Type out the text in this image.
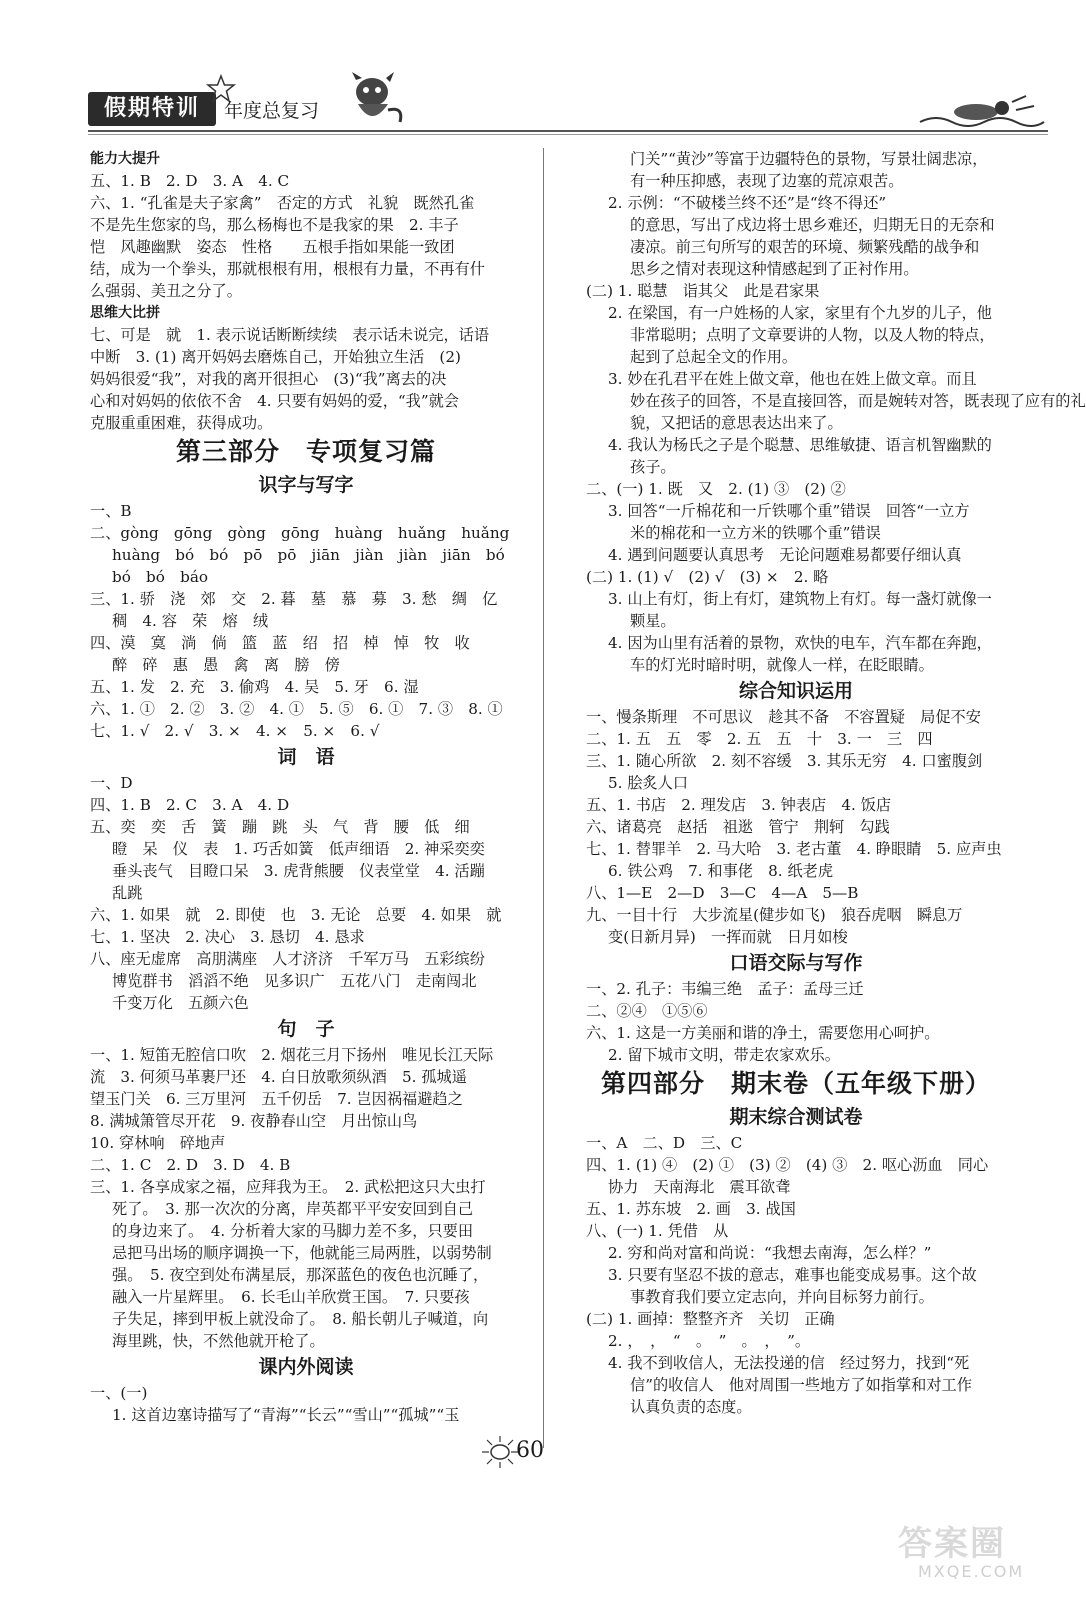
假期特训	年度总复习
能力大提升
五、1. B　2. D　3. A　4. C
六、1. “孔雀是夫子家禽”　否定的方式　礼貌　既然孔雀
不是先生您家的鸟，那么杨梅也不是我家的果　2. 丰子
恺　风趣幽默　姿态　性格　　五根手指如果能一致团
结，成为一个拳头，那就根根有用，根根有力量，不再有什
么强弱、美丑之分了。
思维大比拼
七、可是　就　1. 表示说话断断续续　表示话未说完，话语
中断　3. (1) 离开妈妈去磨炼自己，开始独立生活　(2)
妈妈很爱“我”，对我的离开很担心　(3)“我”离去的决
心和对妈妈的依依不舍　4. 只要有妈妈的爱，“我”就会
克服重重困难，获得成功。
第三部分　专项复习篇
识字与写字
一、B
二、gòng　gōng　gòng　gōng　huàng　huǎng　huǎng
huàng　bó　bó　pō　pō　jiān　jiàn　jiàn　jiān　bó
bó　bó　báo
三、1. 骄　浇　郊　交　2. 暮　墓　慕　募　3. 愁　绸　亿
稠　4. 容　荣　熔　绒
四、漠　寞　淌　倘　篮　蓝　绍　招　棹　悼　牧　收
醉　碎　惠　愚　禽　离　膀　傍
五、1. 发　2. 充　3. 偷鸡　4. 吴　5. 牙　6. 湿
六、1. ①　2. ②　3. ②　4. ①　5. ⑤　6. ①　7. ③　8. ①
七、1. √　2. √　3. ×　4. ×　5. ×　6. √
词　语
一、D
四、1. B　2. C　3. A　4. D
五、奕　奕　舌　簧　蹦　跳　头　气　背　腰　低　细
瞪　呆　仪　表　1. 巧舌如簧　低声细语　2. 神采奕奕
垂头丧气　目瞪口呆　3. 虎背熊腰　仪表堂堂　4. 活蹦
乱跳
六、1. 如果　就　2. 即使　也　3. 无论　总要　4. 如果　就
七、1. 坚决　2. 决心　3. 恳切　4. 恳求
八、座无虚席　高朋满座　人才济济　千军万马　五彩缤纷
博览群书　滔滔不绝　见多识广　五花八门　走南闯北
千变万化　五颜六色
句　子
一、1. 短笛无腔信口吹　2. 烟花三月下扬州　唯见长江天际
流　3. 何须马革裹尸还　4. 白日放歌须纵酒　5. 孤城遥
望玉门关　6. 三万里河　五千仞岳　7. 岂因祸福避趋之
8. 满城箫管尽开花　9. 夜静春山空　月出惊山鸟
10. 穿林响　碎地声
二、1. C　2. D　3. D　4. B
三、1. 各享成家之福，应拜我为王。　2. 武松把这只大虫打
死了。　3. 那一次次的分离，岸英都平平安安回到自己
的身边来了。　4. 分析着大家的马脚力差不多，只要田
忌把马出场的顺序调换一下，他就能三局两胜，以弱势制
强。　5. 夜空到处布满星辰，那深蓝色的夜色也沉睡了，
融入一片星辉里。　6. 长毛山羊欣赏王国。　7. 只要孩
子失足，摔到甲板上就没命了。　8. 船长朝儿子喊道，向
海里跳，快，不然他就开枪了。
课内外阅读
一、(一)
1. 这首边塞诗描写了“青海”“长云”“雪山”“孤城”“玉
门关”“黄沙”等富于边疆特色的景物，写景壮阔悲凉，
有一种压抑感，表现了边塞的荒凉艰苦。
2. 示例：“不破楼兰终不还”是“终不得还”
的意思，写出了戍边将士思乡难还，归期无日的无奈和
凄凉。前三句所写的艰苦的环境、频繁残酷的战争和
思乡之情对表现这种情感起到了正衬作用。
(二) 1. 聪慧　诣其父　此是君家果
2. 在梁国，有一户姓杨的人家，家里有个九岁的儿子，他
非常聪明；点明了文章要讲的人物，以及人物的特点，
起到了总起全文的作用。
3. 妙在孔君平在姓上做文章，他也在姓上做文章。而且
妙在孩子的回答，不是直接回答，而是婉转对答，既表现了应有的礼
貌，又把话的意思表达出来了。
4. 我认为杨氏之子是个聪慧、思维敏捷、语言机智幽默的
孩子。
二、(一) 1. 既　又　2. (1) ③　(2) ②
3. 回答“一斤棉花和一斤铁哪个重”错误　回答“一立方
米的棉花和一立方米的铁哪个重”错误
4. 遇到问题要认真思考　无论问题难易都要仔细认真
(二) 1. (1) √　(2) √　(3) ×　2. 略
3. 山上有灯，街上有灯，建筑物上有灯。每一盏灯就像一
颗星。
4. 因为山里有活着的景物，欢快的电车，汽车都在奔跑，
车的灯光时暗时明，就像人一样，在眨眼睛。
综合知识运用
一、慢条斯理　不可思议　趁其不备　不容置疑　局促不安
二、1. 五　五　零　2. 五　五　十　3. 一　三　四
三、1. 随心所欲　2. 刻不容缓　3. 其乐无穷　4. 口蜜腹剑
5. 脍炙人口
五、1. 书店　2. 理发店　3. 钟表店　4. 饭店
六、诸葛亮　赵括　祖逖　管宁　荆轲　勾践
七、1. 替罪羊　2. 马大哈　3. 老古董　4. 睁眼睛　5. 应声虫
6. 铁公鸡　7. 和事佬　8. 纸老虎
八、1—E　2—D　3—C　4—A　5—B
九、一目十行　大步流星(健步如飞)　狼吞虎咽　瞬息万
变(日新月异)　一挥而就　日月如梭
口语交际与写作
一、2. 孔子：韦编三绝　孟子：孟母三迁
二、②④　①⑤⑥
六、1. 这是一方美丽和谐的净土，需要您用心呵护。
2. 留下城市文明，带走农家欢乐。
第四部分　期末卷（五年级下册）
期末综合测试卷
一、A　二、D　三、C
四、1. (1) ④　(2) ①　(3) ②　(4) ③　2. 呕心沥血　同心
协力　天南海北　震耳欲聋
五、1. 苏东坡　2. 画　3. 战国
八、(一) 1. 凭借　从
2. 穷和尚对富和尚说：“我想去南海，怎么样？”
3. 只要有坚忍不拔的意志，难事也能变成易事。这个故
事教育我们要立定志向，并向目标努力前行。
(二) 1. 画掉：整整齐齐　关切　正确
2. ，　，　“　。　”　。　，　”。
4. 我不到收信人，无法投递的信　经过努力，找到“死
信”的收信人　他对周围一些地方了如指掌和对工作
认真负责的态度。
60
答案圈
MXQE.COM
